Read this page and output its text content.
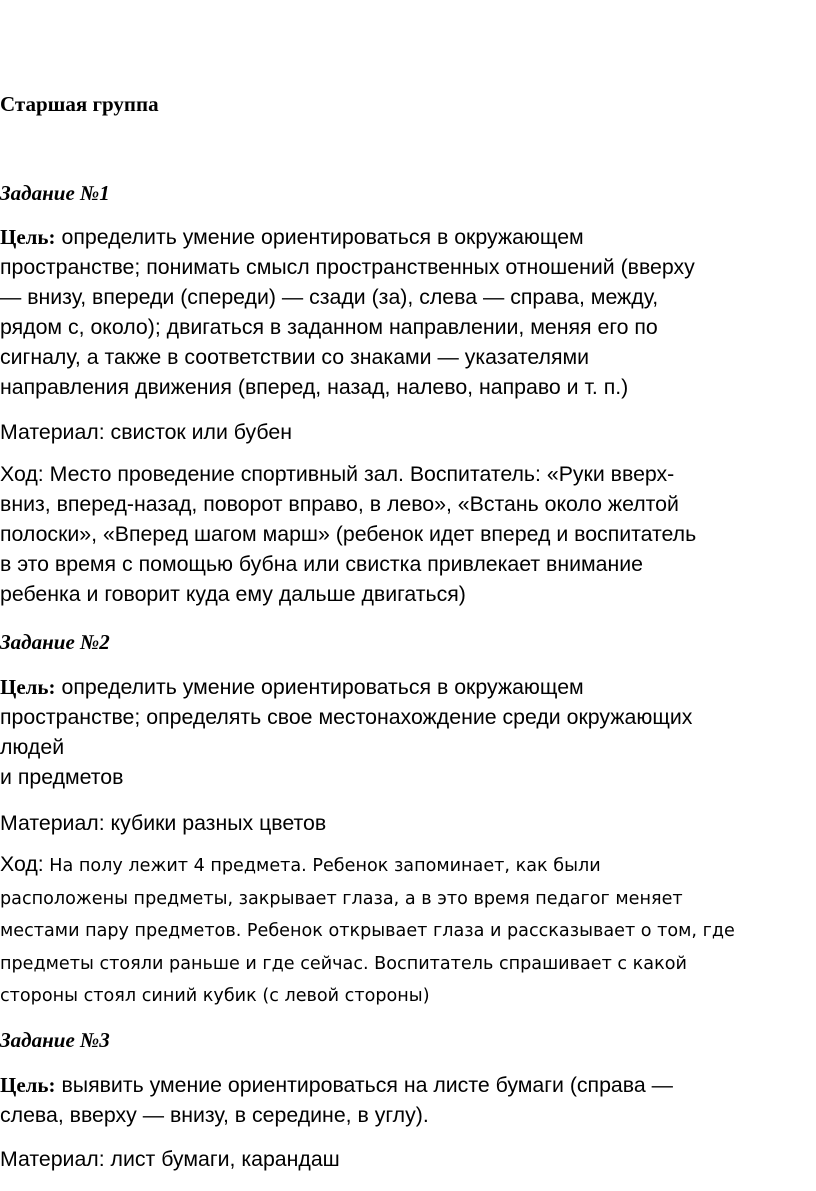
Старшая группа
Задание №1
Цель: определить умение ориентироваться в окружающем
пространстве; понимать смысл пространственных отношений (вверху
— внизу, впереди (спереди) — сзади (за), слева — справа, между,
рядом с, около); двигаться в заданном направлении, меняя его по
сигналу, а также в соответствии со знаками — указателями
направления движения (вперед, назад, налево, направо и т. п.)
Материал: свисток или бубен
Ход: Место проведение спортивный зал. Воспитатель: «Руки вверх-
вниз, вперед-назад, поворот вправо, в лево», «Встань около желтой
полоски», «Вперед шагом марш» (ребенок идет вперед и воспитатель
в это время с помощью бубна или свистка привлекает внимание
ребенка и говорит куда ему дальше двигаться)
Задание №2
Цель: определить умение ориентироваться в окружающем
пространстве; определять свое местонахождение среди окружающих
людей
и предметов
Материал: кубики разных цветов
Ход: На полу лежит 4 предмета. Ребенок запоминает, как были
расположены предметы, закрывает глаза, а в это время педагог меняет
местами пару предметов. Ребенок открывает глаза и рассказывает о том, где
предметы стояли раньше и где сейчас. Воспитатель спрашивает с какой
стороны стоял синий кубик (с левой стороны)
Задание №3
Цель: выявить умение ориентироваться на листе бумаги (справа —
слева, вверху — внизу, в середине, в углу).
Материал: лист бумаги, карандаш
